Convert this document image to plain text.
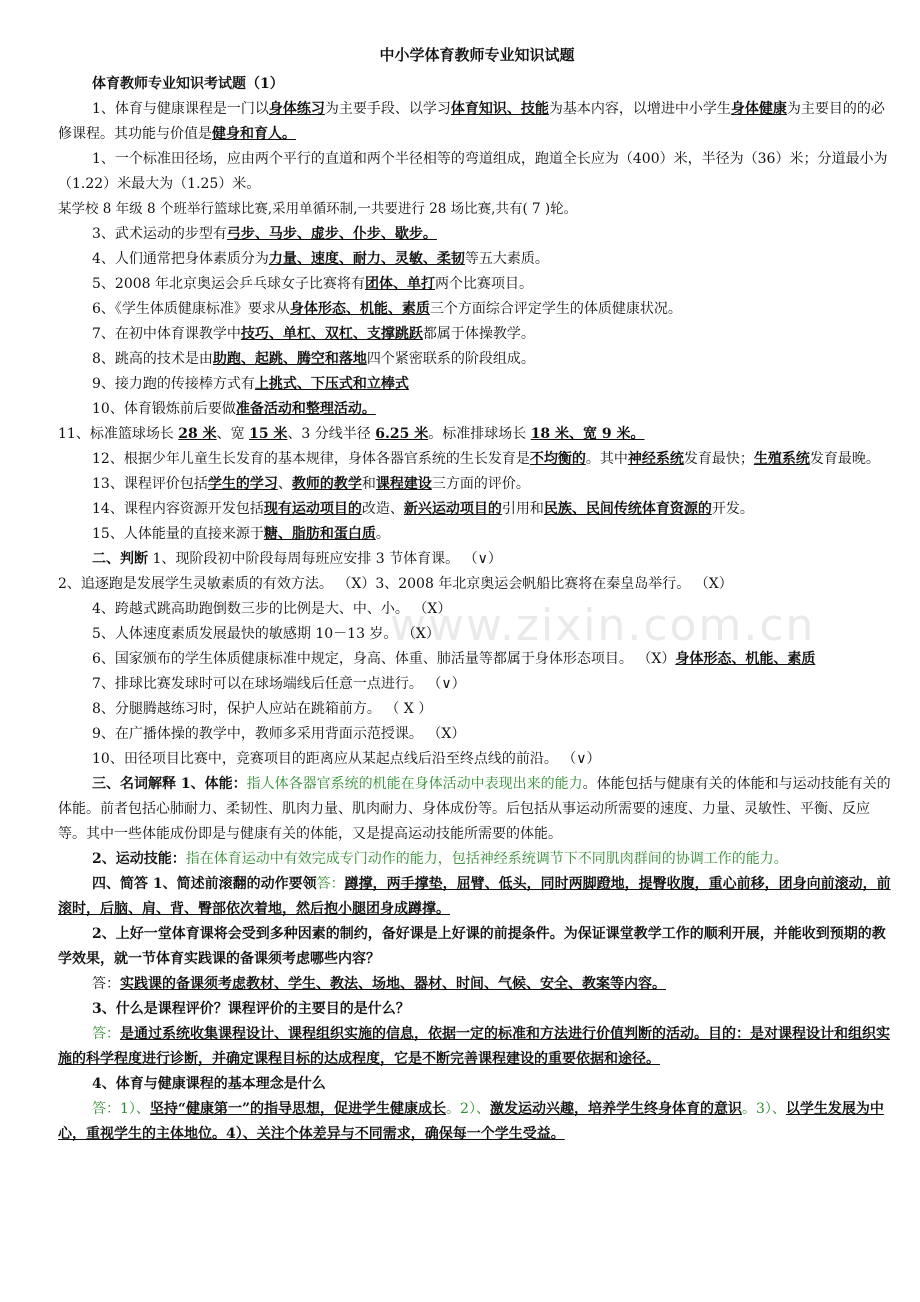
www.zixin.com.cn
中小学体育教师专业知识试题

体育教师专业知识考试题（1）

1、体育与健康课程是一门以身体练习为主要手段、以学习体育知识、技能为基本内容，以增进中小学生身体健康为主要目的的必修课程。其功能与价值是健身和育人。

1、一个标准田径场，应由两个平行的直道和两个半径相等的弯道组成，跑道全长应为（400）米，半径为（36）米；分道最小为（1.22）米最大为（1.25）米。

某学校 8 年级 8 个班举行篮球比赛,采用单循环制,一共要进行 28 场比赛,共有( 7 )轮。

3、武术运动的步型有弓步、马步、虚步、仆步、歇步。

4、人们通常把身体素质分为力量、速度、耐力、灵敏、柔韧等五大素质。

5、2008 年北京奥运会乒乓球女子比赛将有团体、单打两个比赛项目。

6、《学生体质健康标准》要求从身体形态、机能、素质三个方面综合评定学生的体质健康状况。

7、在初中体育课教学中技巧、单杠、双杠、支撑跳跃都属于体操教学。

8、跳高的技术是由助跑、起跳、腾空和落地四个紧密联系的阶段组成。

9、接力跑的传接棒方式有上挑式、下压式和立棒式

10、体育锻炼前后要做准备活动和整理活动。

11、标准篮球场长 28 米、宽 15 米、3 分线半径 6.25 米。标准排球场长 18 米、宽 9 米。

12、根据少年儿童生长发育的基本规律，身体各器官系统的生长发育是不均衡的。其中神经系统发育最快；生殖系统发育最晚。

13、课程评价包括学生的学习、教师的教学和课程建设三方面的评价。

14、课程内容资源开发包括现有运动项目的改造、新兴运动项目的引用和民族、民间传统体育资源的开发。

15、人体能量的直接来源于糖、脂肪和蛋白质。

二、判断 1、现阶段初中阶段每周每班应安排 3 节体育课。 （∨）

2、追逐跑是发展学生灵敏素质的有效方法。 （X）3、2008 年北京奥运会帆船比赛将在秦皇岛举行。 （X）

4、跨越式跳高助跑倒数三步的比例是大、中、小。 （X）

5、人体速度素质发展最快的敏感期 10－13 岁。 （X）

6、国家颁布的学生体质健康标准中规定，身高、体重、肺活量等都属于身体形态项目。 （X）身体形态、机能、素质

7、排球比赛发球时可以在球场端线后任意一点进行。 （∨）

8、分腿腾越练习时，保护人应站在跳箱前方。 （ X ）

9、在广播体操的教学中，教师多采用背面示范授课。 （X）

10、田径项目比赛中，竞赛项目的距离应从某起点线后沿至终点线的前沿。 （∨）

三、名词解释 1、体能：指人体各器官系统的机能在身体活动中表现出来的能力。体能包括与健康有关的体能和与运动技能有关的体能。前者包括心肺耐力、柔韧性、肌肉力量、肌肉耐力、身体成份等。后包括从事运动所需要的速度、力量、灵敏性、平衡、反应等。其中一些体能成份即是与健康有关的体能，又是提高运动技能所需要的体能。

2、运动技能：指在体育运动中有效完成专门动作的能力，包括神经系统调节下不同肌肉群间的协调工作的能力。

四、简答 1、简述前滚翻的动作要领答：蹲撑，两手撑垫，屈臂、低头，同时两脚蹬地，提臀收腹，重心前移，团身向前滚动，前滚时，后脑、肩、背、臀部依次着地，然后抱小腿团身成蹲撑。

2、上好一堂体育课将会受到多种因素的制约，备好课是上好课的前提条件。为保证课堂教学工作的顺利开展，并能收到预期的教学效果，就一节体育实践课的备课须考虑哪些内容？

答：实践课的备课须考虑教材、学生、教法、场地、器材、时间、气候、安全、教案等内容。

3、什么是课程评价？课程评价的主要目的是什么？

答：是通过系统收集课程设计、课程组织实施的信息，依据一定的标准和方法进行价值判断的活动。目的：是对课程设计和组织实施的科学程度进行诊断，并确定课程目标的达成程度，它是不断完善课程建设的重要依据和途径。

4、体育与健康课程的基本理念是什么

答：1）、坚持“健康第一”的指导思想，促进学生健康成长。2）、激发运动兴趣，培养学生终身体育的意识。3）、以学生发展为中心，重视学生的主体地位。4）、关注个体差异与不同需求，确保每一个学生受益。
